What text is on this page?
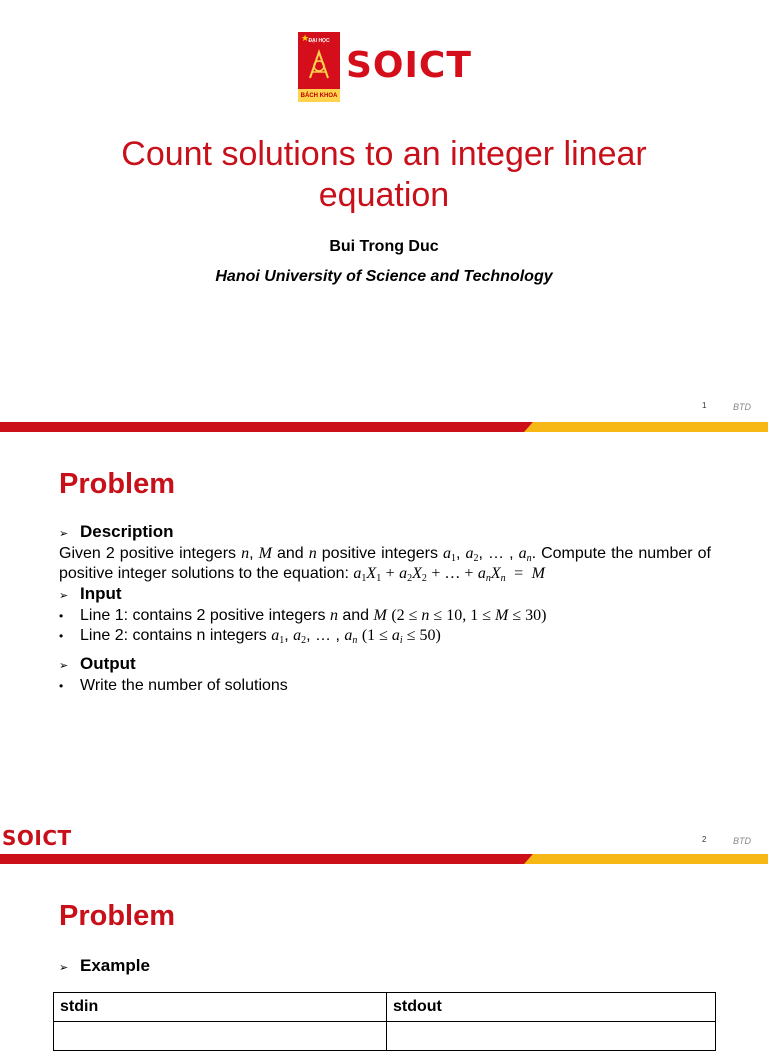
★ ĐẠI HỌC
BÁCH KHOA
SOICT
Count solutions to an integer linear equation
Bui Trong Duc
Hanoi University of Science and Technology
1	BTD
Problem
➢ Description
Given 2 positive integers n, M and n positive integers $a_1$, $a_2$, … , $a_n$. Compute the number of positive integer solutions to the equation: $a_1X_1 + a_2X_2$ + … + $a_nX_n = M$
➢ Input
•	Line 1: contains 2 positive integers n and M (2 ≤ n ≤ 10, 1 ≤ M ≤ 30)
•	Line 2: contains n integers $a_1$, $a_2$, … , $a_n$ $(1 \le a_i \le 50)$
➢ Output
•	Write the number of solutions
SOICT	2	BTD
Problem
➢ Example
stdin	stdout
